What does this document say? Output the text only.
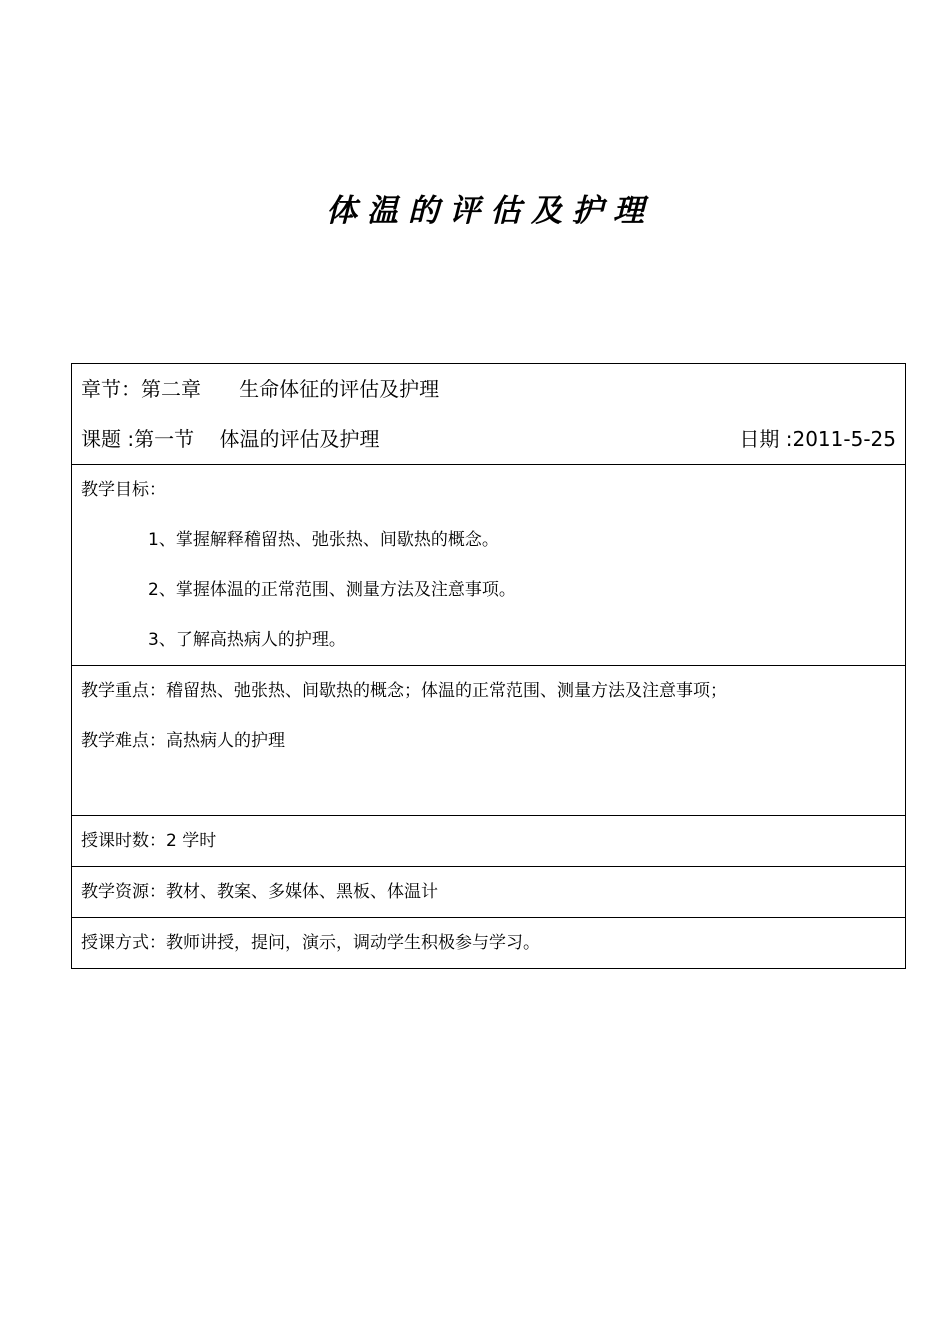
体温的评估及护理
章节：第二章      生命体征的评估及护理
课题 :第一节    体温的评估及护理	日期 :2011-5-25

教学目标：
1、掌握解释稽留热、弛张热、间歇热的概念。
2、掌握体温的正常范围、测量方法及注意事项。
3、了解高热病人的护理。

教学重点：稽留热、弛张热、间歇热的概念；体温的正常范围、测量方法及注意事项；
教学难点：高热病人的护理

授课时数：2 学时

教学资源：教材、教案、多媒体、黑板、体温计

授课方式：教师讲授，提问，演示，调动学生积极参与学习。
